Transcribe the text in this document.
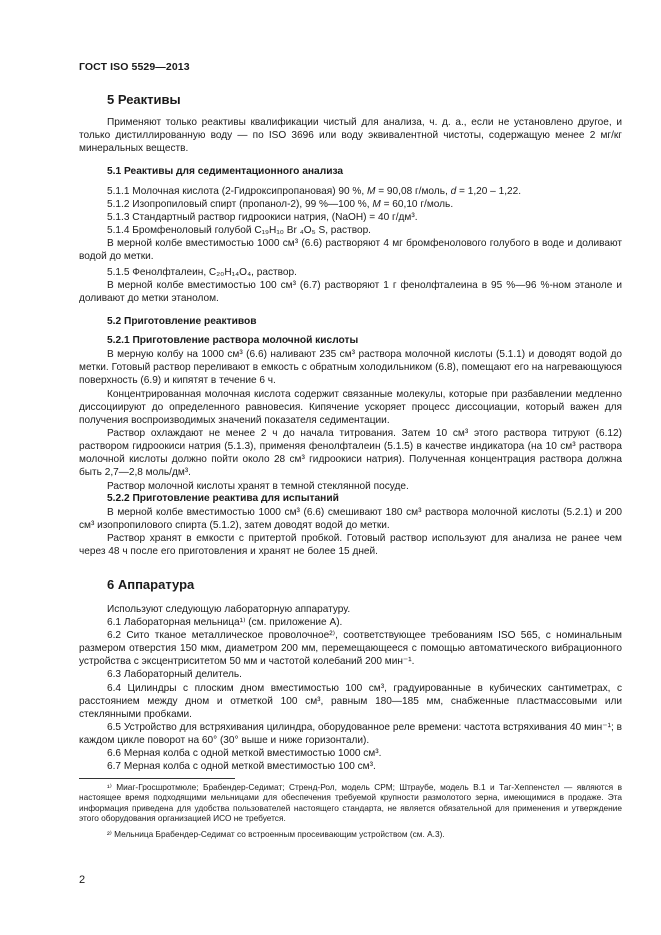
ГОСТ ISO 5529—2013
5 Реактивы
Применяют только реактивы квалификации чистый для анализа, ч. д. а., если не установлено другое, и только дистиллированную воду — по ISO 3696 или воду эквивалентной чистоты, содержащую менее 2 мг/кг минеральных веществ.
5.1 Реактивы для седиментационного анализа
5.1.1 Молочная кислота (2-Гидроксипропановая) 90 %, M = 90,08 г/моль, d = 1,20 – 1,22.
5.1.2 Изопропиловый спирт (пропанол-2), 99 %—100 %, M = 60,10 г/моль.
5.1.3 Стандартный раствор гидроокиси натрия, (NaOH) = 40 г/дм³.
5.1.4 Бромфеноловый голубой C₁₉H₁₀ Br ₄O₅ S, раствор.
В мерной колбе вместимостью 1000 см³ (6.6) растворяют 4 мг бромфенолового голубого в воде и доливают водой до метки.
5.1.5 Фенолфталеин, C₂₀H₁₄O₄, раствор.
В мерной колбе вместимостью 100 см³ (6.7) растворяют 1 г фенолфталеина в 95 %—96 %-ном этаноле и доливают до метки этанолом.
5.2 Приготовление реактивов
5.2.1 Приготовление раствора молочной кислоты
В мерную колбу на 1000 см³ (6.6) наливают 235 см³ раствора молочной кислоты (5.1.1) и доводят водой до метки. Готовый раствор переливают в емкость с обратным холодильником (6.8), помещают его на нагревающуюся поверхность (6.9) и кипятят в течение 6 ч.
Концентрированная молочная кислота содержит связанные молекулы, которые при разбавлении медленно диссоциируют до определенного равновесия. Кипячение ускоряет процесс диссоциации, который важен для получения воспроизводимых значений показателя седиментации.
Раствор охлаждают не менее 2 ч до начала титрования. Затем 10 см³ этого раствора титруют (6.12) раствором гидроокиси натрия (5.1.3), применяя фенолфталеин (5.1.5) в качестве индикатора (на 10 см³ раствора молочной кислоты должно пойти около 28 см³ гидроокиси натрия). Полученная концентрация раствора должна быть 2,7—2,8 моль/дм³.
Раствор молочной кислоты хранят в темной стеклянной посуде.
5.2.2 Приготовление реактива для испытаний
В мерной колбе вместимостью 1000 см³ (6.6) смешивают 180 см³ раствора молочной кислоты (5.2.1) и 200 см³ изопропилового спирта (5.1.2), затем доводят водой до метки.
Раствор хранят в емкости с притертой пробкой. Готовый раствор используют для анализа не ранее чем через 48 ч после его приготовления и хранят не более 15 дней.
6 Аппаратура
Используют следующую лабораторную аппаратуру.
6.1 Лабораторная мельница¹⁾ (см. приложение А).
6.2 Сито тканое металлическое проволочное²⁾, соответствующее требованиям ISO 565, с номинальным размером отверстия 150 мкм, диаметром 200 мм, перемещающееся с помощью автоматического вибрационного устройства с эксцентриситетом 50 мм и частотой колебаний 200 мин⁻¹.
6.3 Лабораторный делитель.
6.4 Цилиндры с плоским дном вместимостью 100 см³, градуированные в кубических сантиметрах, с расстоянием между дном и отметкой 100 см³, равным 180—185 мм, снабженные пластмассовыми или стеклянными пробками.
6.5 Устройство для встряхивания цилиндра, оборудованное реле времени: частота встряхивания 40 мин⁻¹; в каждом цикле поворот на 60° (30° выше и ниже горизонтали).
6.6 Мерная колба с одной меткой вместимостью 1000 см³.
6.7 Мерная колба с одной меткой вместимостью 100 см³.
¹⁾ Миаг-Гросшротмюле; Брабендер-Седимат; Стренд-Рол, модель СРМ; Штраубе, модель В.1 и Таг-Хеппенстел — являются в настоящее время подходящими мельницами для обеспечения требуемой крупности размолотого зерна, имеющимися в продаже. Эта информация приведена для удобства пользователей настоящего стандарта, не является обязательной для применения и утверждение этого оборудования организацией ИСО не требуется.
²⁾ Мельница Брабендер-Седимат со встроенным просеивающим устройством (см. А.3).
2
